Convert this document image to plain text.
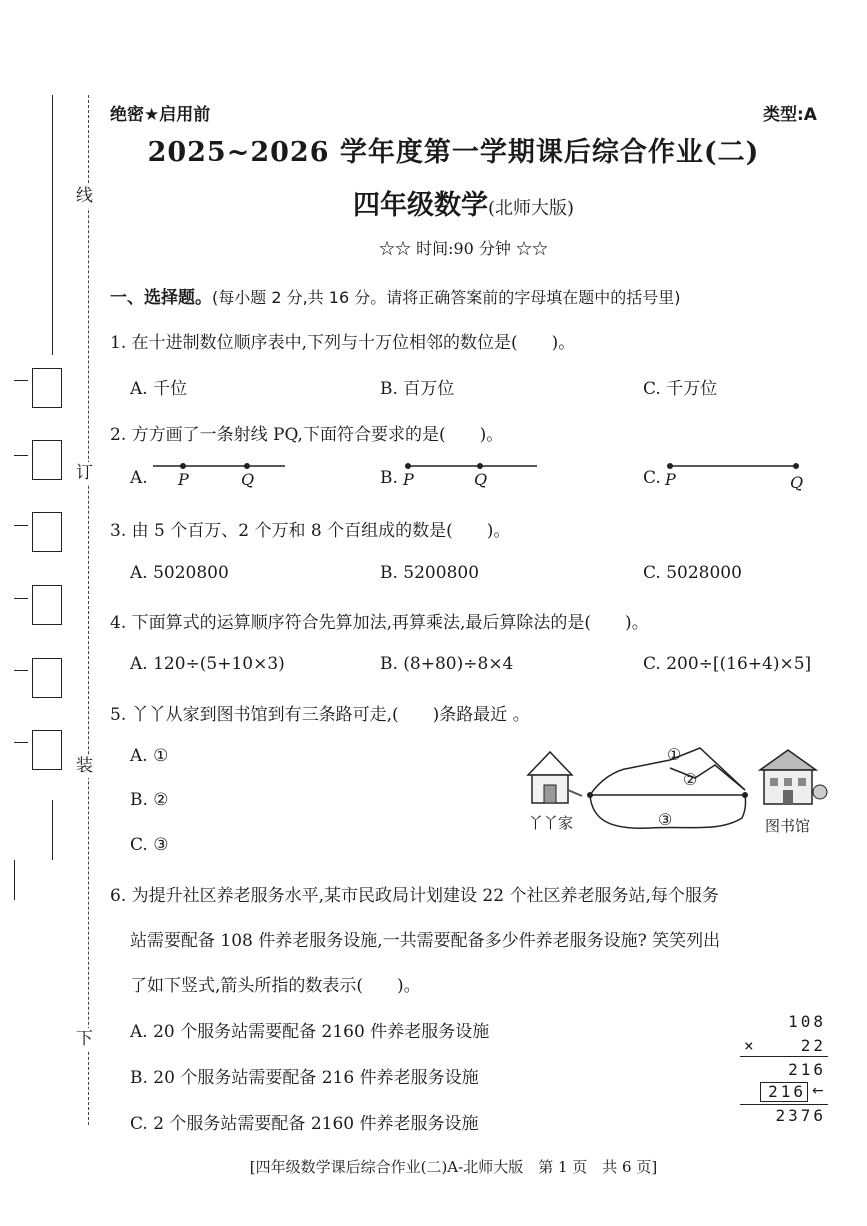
线
订
装
下
绝密★启用前	类型:A
2025~2026 学年度第一学期课后综合作业(二)
四年级数学(北师大版)
☆☆ 时间:90 分钟 ☆☆
一、选择题。(每小题 2 分,共 16 分。请将正确答案前的字母填在题中的括号里)
1. 在十进制数位顺序表中,下列与十万位相邻的数位是(　　)。
A. 千位	B. 百万位	C. 千万位
2. 方方画了一条射线 PQ,下面符合要求的是(　　)。
A.	B.	C.
P	Q	P	Q	P	Q
3. 由 5 个百万、2 个万和 8 个百组成的数是(　　)。
A. 5020800	B. 5200800	C. 5028000
4. 下面算式的运算顺序符合先算加法,再算乘法,最后算除法的是(　　)。
A. 120÷(5+10×3)	B. (8+80)÷8×4	C. 200÷[(16+4)×5]
5. 丫丫从家到图书馆到有三条路可走,(　　)条路最近 。
A. ①
B. ②
C. ③
①
②
③
丫丫家	图书馆
6. 为提升社区养老服务水平,某市民政局计划建设 22 个社区养老服务站,每个服务
站需要配备 108 件养老服务设施,一共需要配备多少件养老服务设施? 笑笑列出
了如下竖式,箭头所指的数表示(　　)。
A. 20 个服务站需要配备 2160 件养老服务设施
B. 20 个服务站需要配备 216 件养老服务设施
C. 2 个服务站需要配备 2160 件养老服务设施
108
×	22
216
216 ←
2376
[四年级数学课后综合作业(二)A-北师大版　第 1 页　共 6 页]
